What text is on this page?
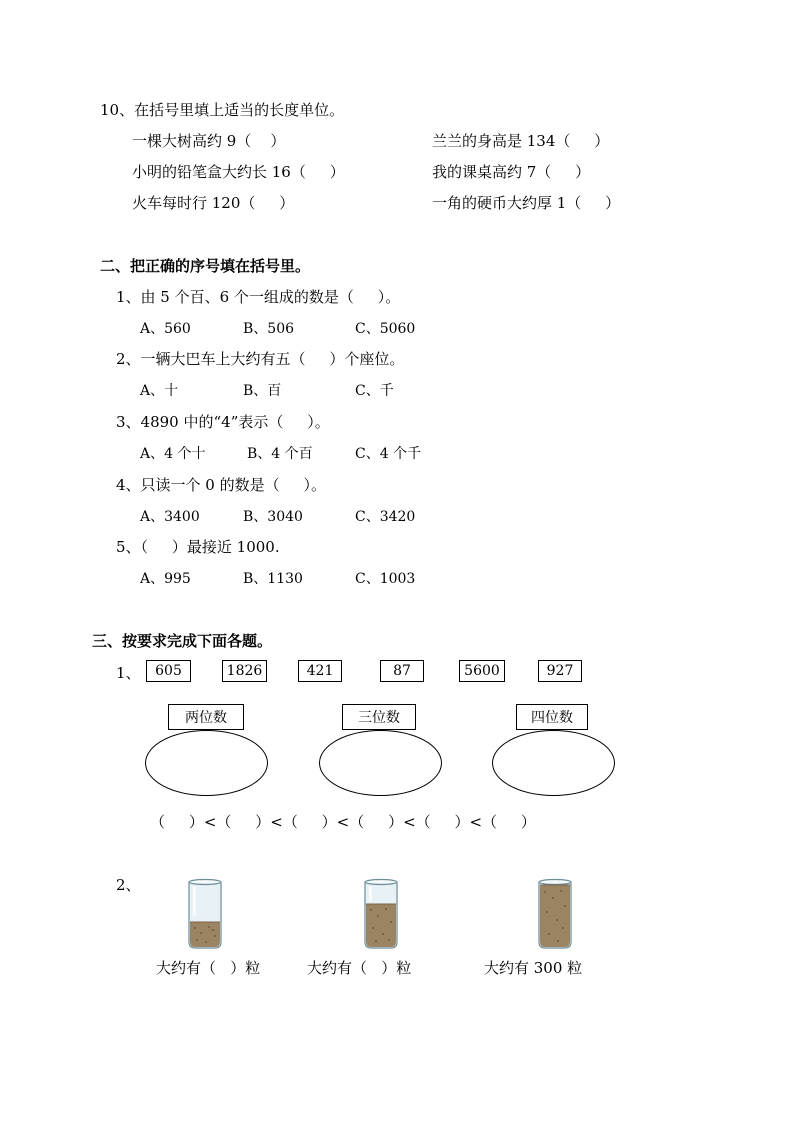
10、在括号里填上适当的长度单位。
一棵大树高约 9（    ）	兰兰的身高是 134（     ）
小明的铅笔盒大约长 16（     ）	我的课桌高约 7（     ）
火车每时行 120（     ）	一角的硬币大约厚 1（     ）
二、把正确的序号填在括号里。
1、由 5 个百、6 个一组成的数是（     ）。
A、560	B、506	C、5060
2、一辆大巴车上大约有五（     ）个座位。
A、十	B、百	C、千
3、4890 中的“4”表示（     ）。
A、4 个十	B、4 个百	C、4 个千
4、只读一个 0 的数是（     ）。
A、3400	B、3040	C、3420
5、（     ）最接近 1000.
A、995	B、1130	C、1003
三、按要求完成下面各题。
1、	605	1826	421	87	5600	927
两位数	三位数	四位数
（     ）<（     ）<（     ）<（     ）<（     ）<（     ）
2、
大约有（   ）粒	大约有（   ）粒	大约有 300 粒
